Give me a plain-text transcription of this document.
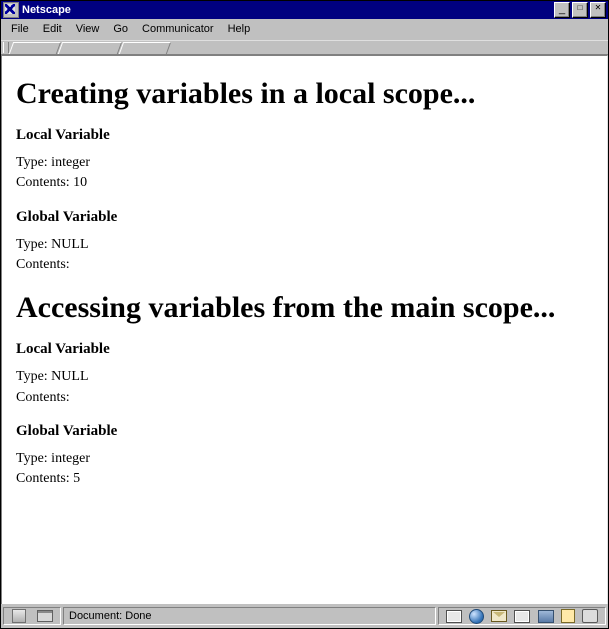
Netscape	_	□	✕
File	Edit	View	Go	Communicator	Help
Creating variables in a local scope...
Local Variable
Type: integer
Contents: 10
Global Variable
Type: NULL
Contents:
Accessing variables from the main scope...
Local Variable
Type: NULL
Contents:
Global Variable
Type: integer
Contents: 5
Document: Done
